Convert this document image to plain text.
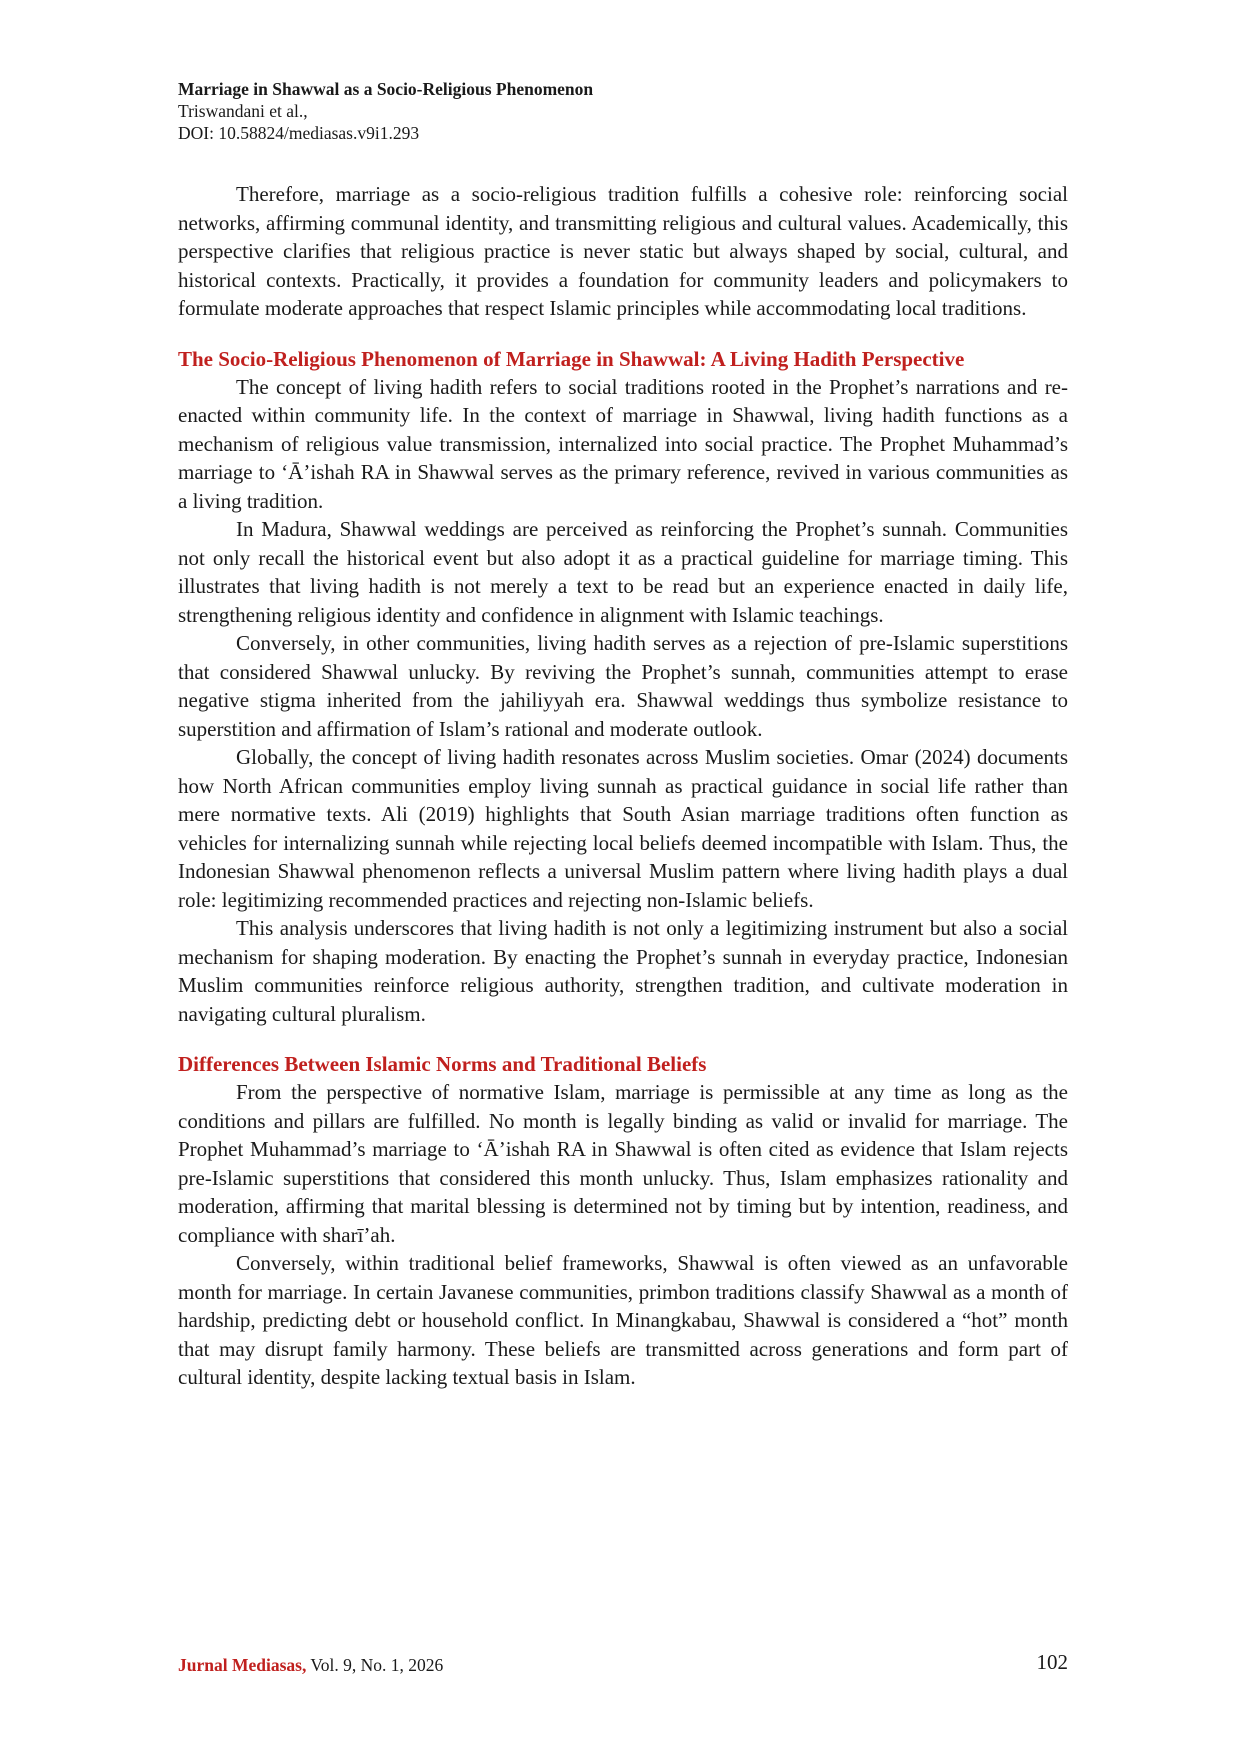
Marriage in Shawwal as a Socio-Religious Phenomenon
Triswandani et al.,
DOI: 10.58824/mediasas.v9i1.293

Therefore, marriage as a socio-religious tradition fulfills a cohesive role: reinforcing social networks, affirming communal identity, and transmitting religious and cultural values. Academically, this perspective clarifies that religious practice is never static but always shaped by social, cultural, and historical contexts. Practically, it provides a foundation for community leaders and policymakers to formulate moderate approaches that respect Islamic principles while accommodating local traditions.

The Socio-Religious Phenomenon of Marriage in Shawwal: A Living Hadith Perspective

The concept of living hadith refers to social traditions rooted in the Prophet’s narrations and re-enacted within community life. In the context of marriage in Shawwal, living hadith functions as a mechanism of religious value transmission, internalized into social practice. The Prophet Muhammad’s marriage to ‘Ā’ishah RA in Shawwal serves as the primary reference, revived in various communities as a living tradition.

In Madura, Shawwal weddings are perceived as reinforcing the Prophet’s sunnah. Communities not only recall the historical event but also adopt it as a practical guideline for marriage timing. This illustrates that living hadith is not merely a text to be read but an experience enacted in daily life, strengthening religious identity and confidence in alignment with Islamic teachings.

Conversely, in other communities, living hadith serves as a rejection of pre-Islamic superstitions that considered Shawwal unlucky. By reviving the Prophet’s sunnah, communities attempt to erase negative stigma inherited from the jahiliyyah era. Shawwal weddings thus symbolize resistance to superstition and affirmation of Islam’s rational and moderate outlook.

Globally, the concept of living hadith resonates across Muslim societies. Omar (2024) documents how North African communities employ living sunnah as practical guidance in social life rather than mere normative texts. Ali (2019) highlights that South Asian marriage traditions often function as vehicles for internalizing sunnah while rejecting local beliefs deemed incompatible with Islam. Thus, the Indonesian Shawwal phenomenon reflects a universal Muslim pattern where living hadith plays a dual role: legitimizing recommended practices and rejecting non-Islamic beliefs.

This analysis underscores that living hadith is not only a legitimizing instrument but also a social mechanism for shaping moderation. By enacting the Prophet’s sunnah in everyday practice, Indonesian Muslim communities reinforce religious authority, strengthen tradition, and cultivate moderation in navigating cultural pluralism.

Differences Between Islamic Norms and Traditional Beliefs

From the perspective of normative Islam, marriage is permissible at any time as long as the conditions and pillars are fulfilled. No month is legally binding as valid or invalid for marriage. The Prophet Muhammad’s marriage to ‘Ā’ishah RA in Shawwal is often cited as evidence that Islam rejects pre-Islamic superstitions that considered this month unlucky. Thus, Islam emphasizes rationality and moderation, affirming that marital blessing is determined not by timing but by intention, readiness, and compliance with sharī’ah.

Conversely, within traditional belief frameworks, Shawwal is often viewed as an unfavorable month for marriage. In certain Javanese communities, primbon traditions classify Shawwal as a month of hardship, predicting debt or household conflict. In Minangkabau, Shawwal is considered a “hot” month that may disrupt family harmony. These beliefs are transmitted across generations and form part of cultural identity, despite lacking textual basis in Islam.

Jurnal Mediasas, Vol. 9, No. 1, 2026	102
